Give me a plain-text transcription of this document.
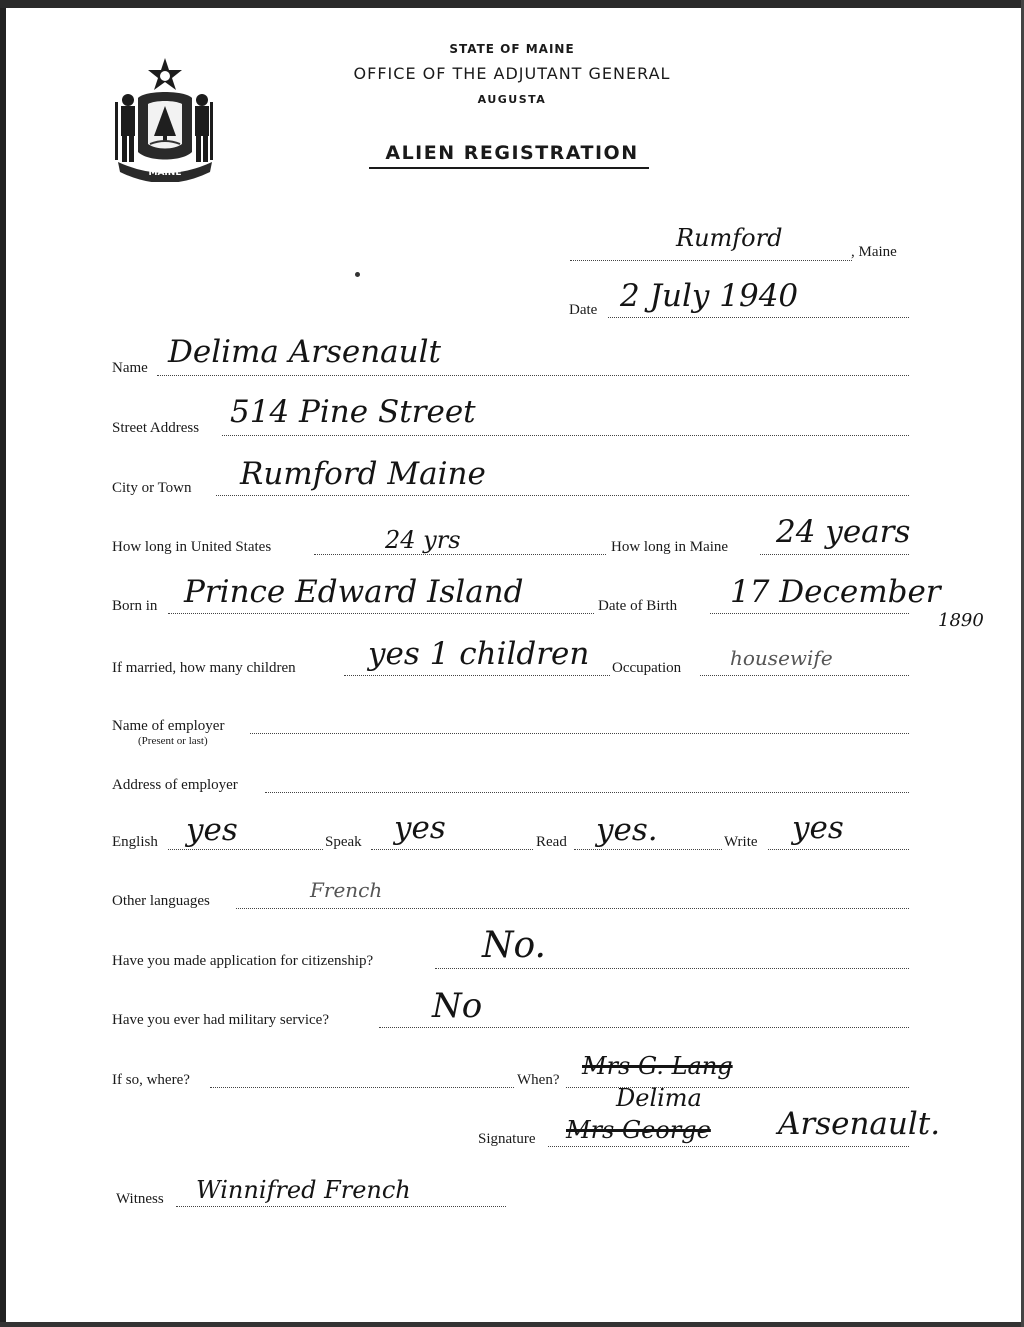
MAINE
STATE OF MAINE
OFFICE OF THE ADJUTANT GENERAL
AUGUSTA
ALIEN REGISTRATION
Rumford	, Maine
Date 2 July 1940
Name Delima Arsenault
Street Address 514 Pine Street
City or Town Rumford Maine
How long in United States	24 yrs	How long in Maine 24 years
Born in Prince Edward Island	Date of Birth 17 December
1890
If married, how many children yes 1 children Occupation housewife
Name of employer
(Present or last)
Address of employer
English yes	Speak yes	Read yes.	Write yes
Other languages	French
Have you made application for citizenship?	No.
Have you ever had military service?	No
If so, where?	When? Mrs G. Lang
Delima
Signature Mrs George Arsenault.
Witness Winnifred French
